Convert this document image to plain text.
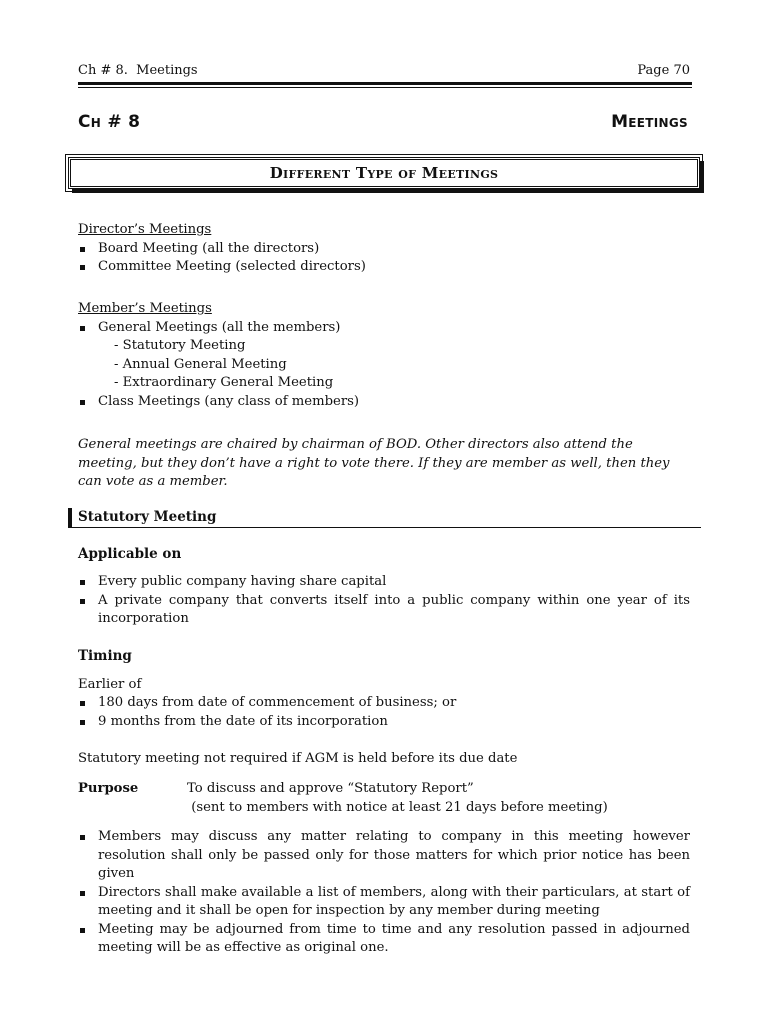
Ch # 8.  Meetings	Page 70
Ch # 8	Meetings
Different Type of Meetings
Director’s Meetings
Board Meeting (all the directors)
Committee Meeting (selected directors)
Member’s Meetings
General Meetings (all the members)
- Statutory Meeting
- Annual General Meeting
- Extraordinary General Meeting
Class Meetings (any class of members)
General meetings are chaired by chairman of BOD. Other directors also attend the meeting, but they don’t have a right to vote there. If they are member as well, then they can vote as a member.
Statutory Meeting
Applicable on
Every public company having share capital
A private company that converts itself into a public company within one year of its incorporation
Timing
Earlier of
180 days from date of commencement of business; or
9 months from the date of its incorporation
Statutory meeting not required if AGM is held before its due date
Purpose	To discuss and approve “Statutory Report”
(sent to members with notice at least 21 days before meeting)
Members may discuss any matter relating to company in this meeting however resolution shall only be passed only for those matters for which prior notice has been given
Directors shall make available a list of members, along with their particulars, at start of meeting and it shall be open for inspection by any member during meeting
Meeting may be adjourned from time to time and any resolution passed in adjourned meeting will be as effective as original one.
